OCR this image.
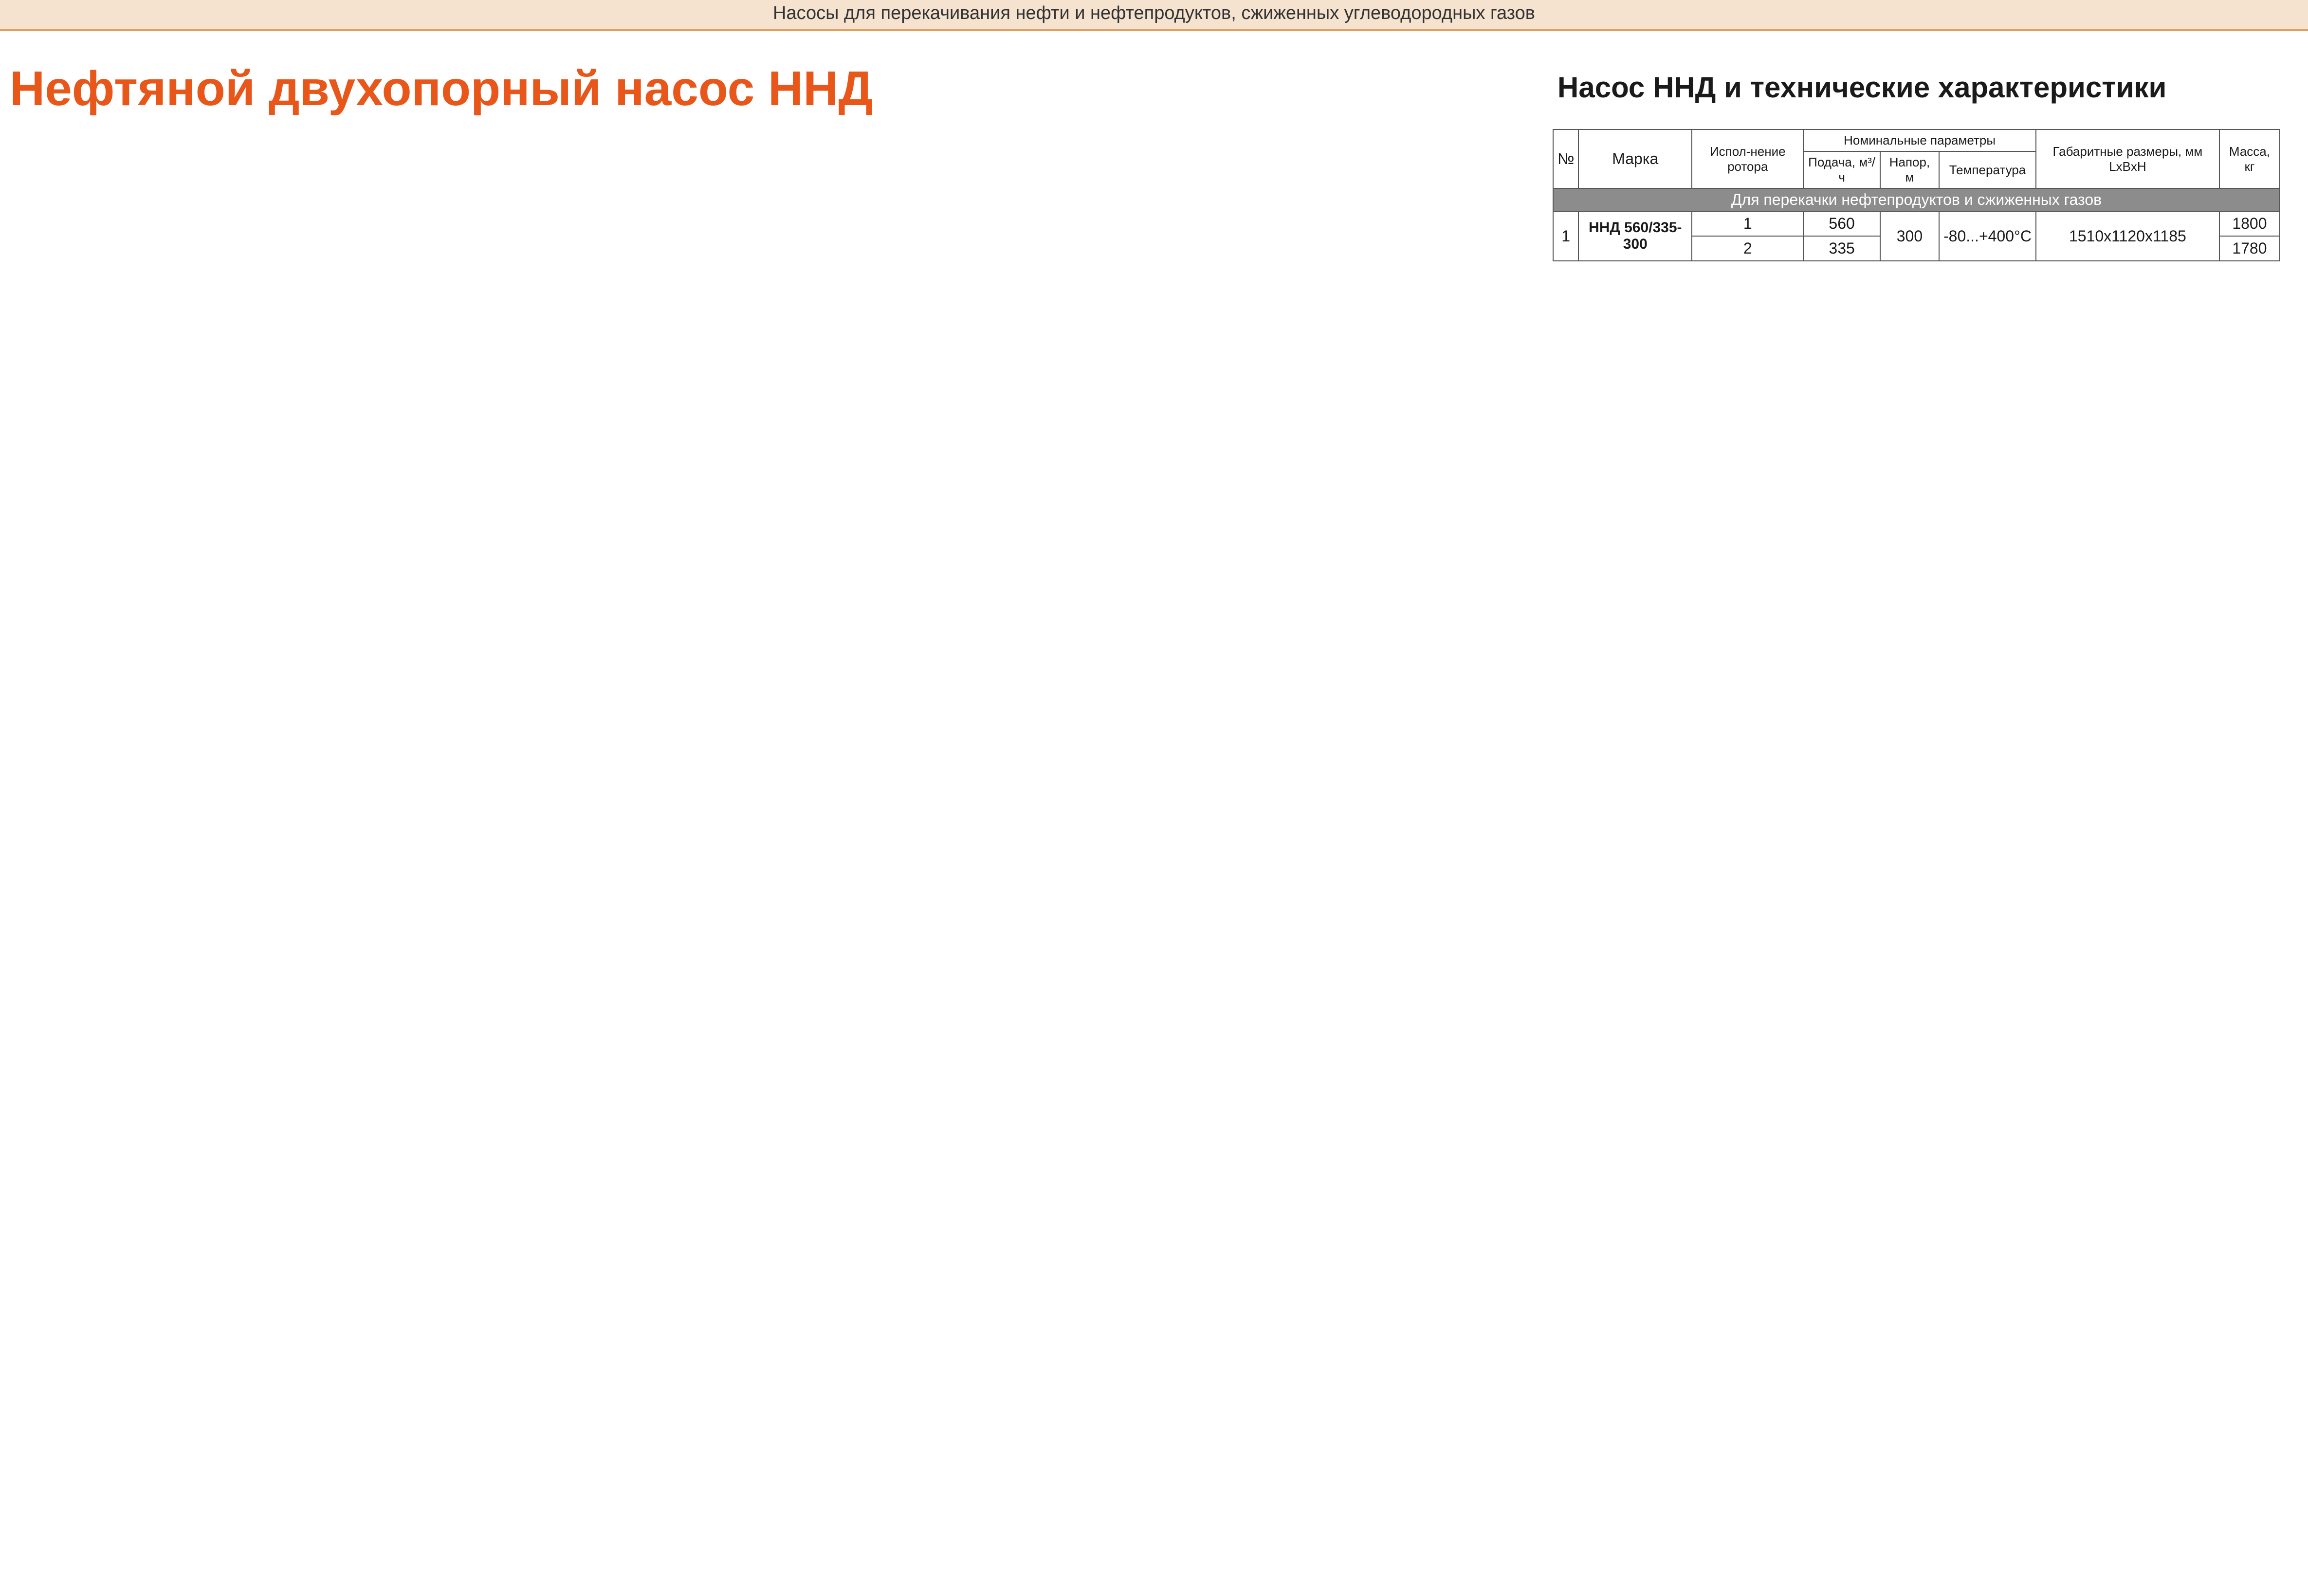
Насосы для перекачивания нефти и нефтепродуктов, сжиженных углеводородных газов
Нефтяной двухопорный насос ННД	Насос ННД и технические характеристики
№	Марка	Испол-нение ротора	Номинальные параметры			Габаритные размеры, мм LxBxH	Масса, кг
			Подача, м³/ч	Напор, м	Температура		
Для перекачки нефтепродуктов и сжиженных газов							
1	ННД 560/335-300	1	560	300	-80...+400°С	1510x1120x1185	1800
		2	335				1780
